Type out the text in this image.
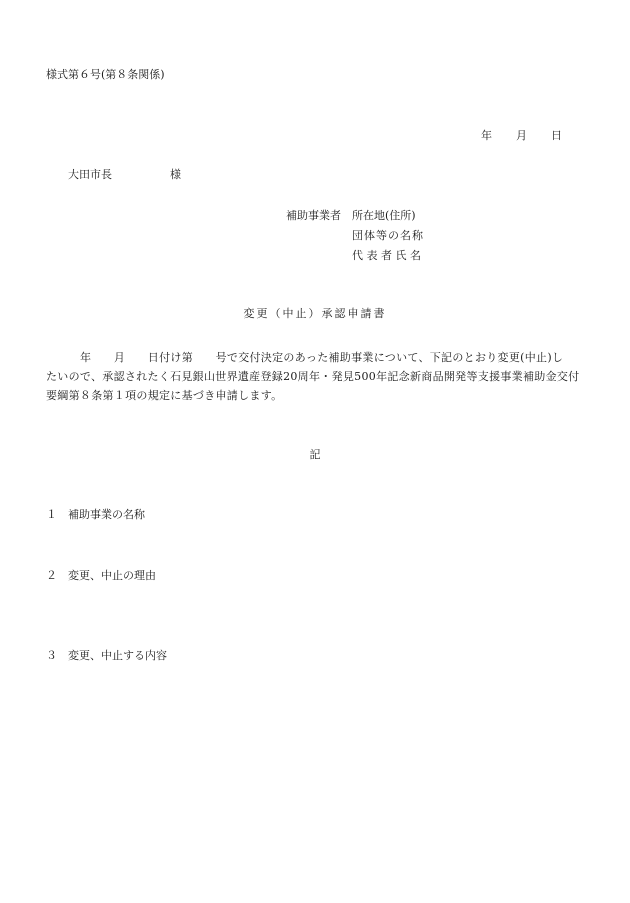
様式第６号(第８条関係)
年 月 日
大田市長	様
補助事業者 所在地(住所)
団体等の名称
代表者氏名
変更（中止）承認申請書
年　　月　　日付け第　　号で交付決定のあった補助事業について、下記のとおり変更(中止)し
たいので、承認されたく石見銀山世界遺産登録20周年・発見500年記念新商品開発等支援事業補助金交付
要綱第８条第１項の規定に基づき申請します。
記
１ 補助事業の名称
２ 変更、中止の理由
３ 変更、中止する内容
